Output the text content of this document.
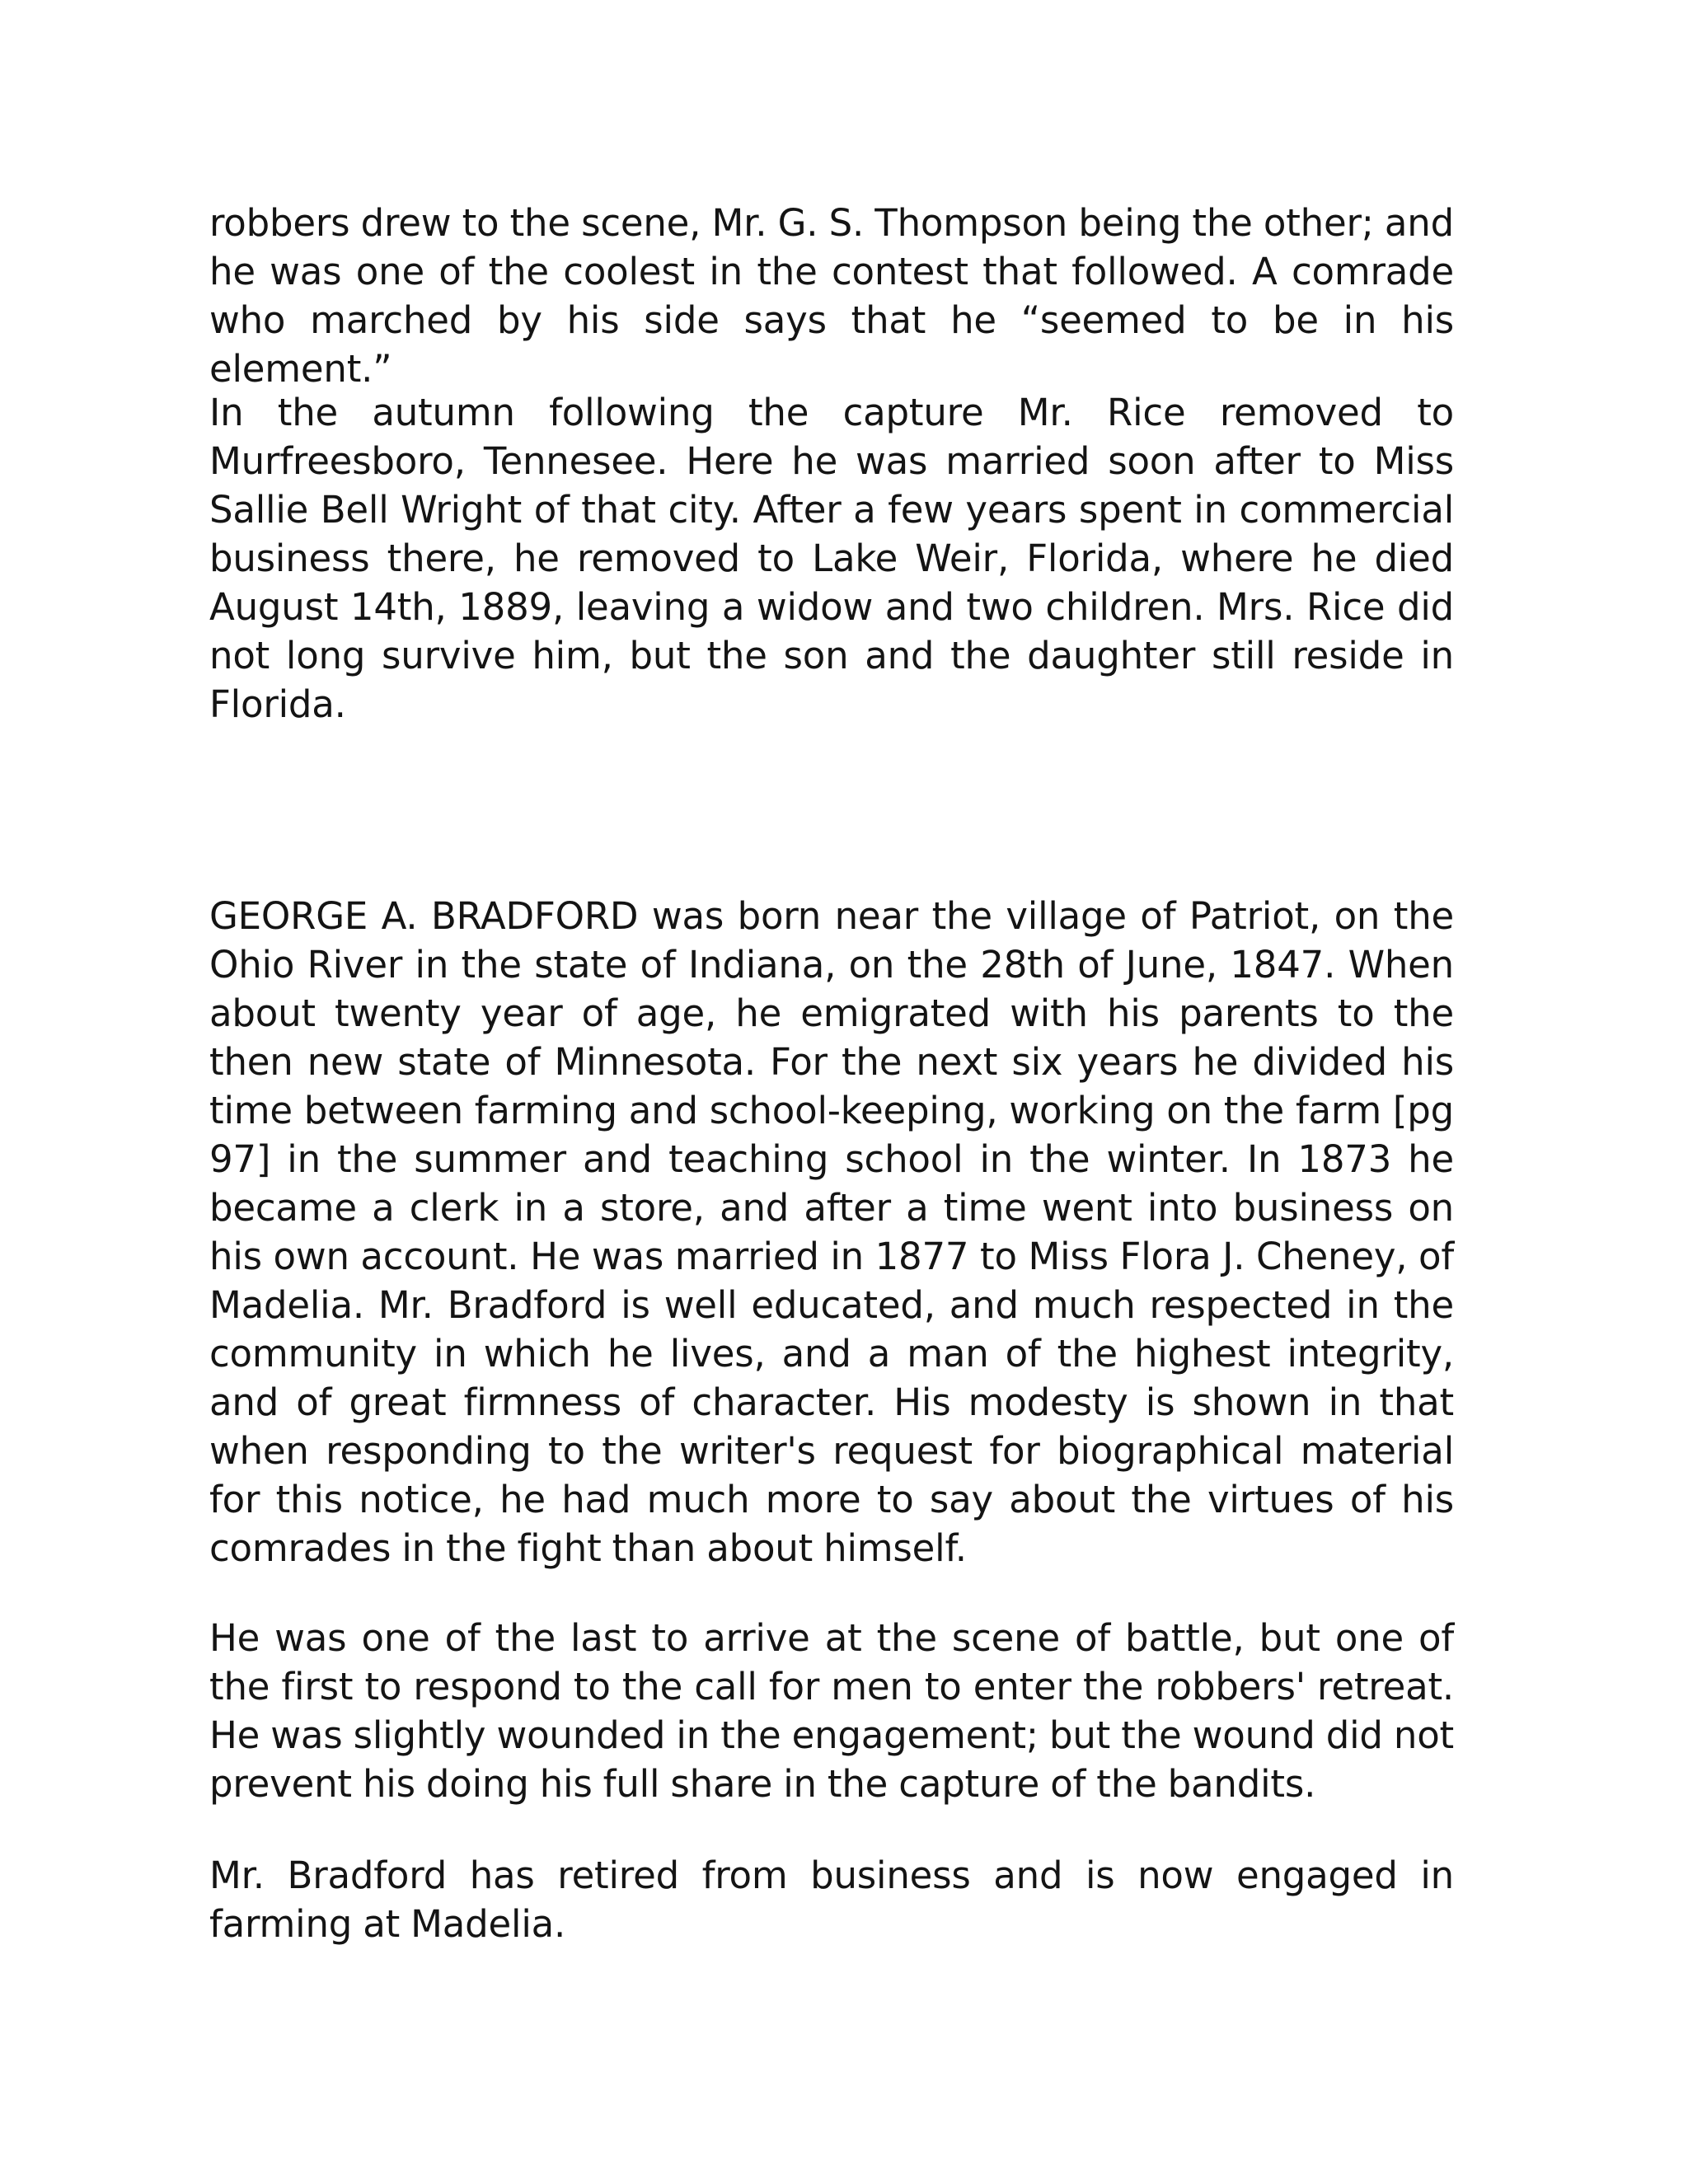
robbers drew to the scene, Mr. G. S. Thompson being the other; and he was one of the coolest in the contest that followed. A comrade who marched by his side says that he “seemed to be in his element.”

In the autumn following the capture Mr. Rice removed to Murfreesboro, Tennesee. Here he was married soon after to Miss Sallie Bell Wright of that city. After a few years spent in commercial business there, he removed to Lake Weir, Florida, where he died August 14th, 1889, leaving a widow and two children. Mrs. Rice did not long survive him, but the son and the daughter still reside in Florida.

GEORGE A. BRADFORD was born near the village of Patriot, on the Ohio River in the state of Indiana, on the 28th of June, 1847. When about twenty year of age, he emigrated with his parents to the then new state of Minnesota. For the next six years he divided his time between farming and school-keeping, working on the farm [pg 97] in the summer and teaching school in the winter. In 1873 he became a clerk in a store, and after a time went into business on his own account. He was married in 1877 to Miss Flora J. Cheney, of Madelia. Mr. Bradford is well educated, and much respected in the community in which he lives, and a man of the highest integrity, and of great firmness of character. His modesty is shown in that when responding to the writer's request for biographical material for this notice, he had much more to say about the virtues of his comrades in the fight than about himself.

He was one of the last to arrive at the scene of battle, but one of the first to respond to the call for men to enter the robbers' retreat. He was slightly wounded in the engagement; but the wound did not prevent his doing his full share in the capture of the bandits.

Mr. Bradford has retired from business and is now engaged in farming at Madelia.
